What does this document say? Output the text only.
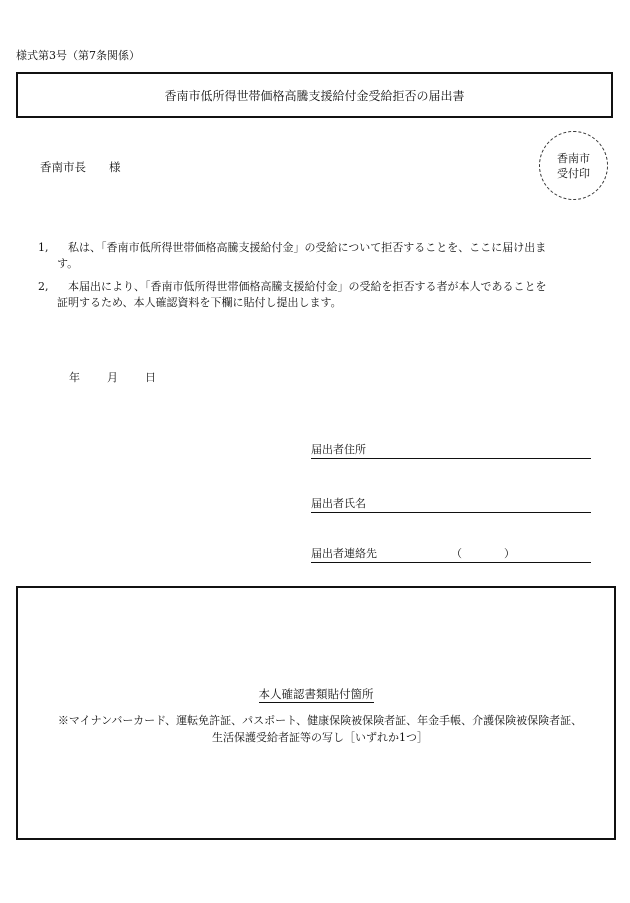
様式第3号（第7条関係）
香南市低所得世帯価格高騰支援給付金受給拒否の届出書
香南市長　　様
香南市
受付印
1, 私は、「香南市低所得世帯価格高騰支援給付金」の受給について拒否することを、ここに届け出ま
す。
2, 本届出により、「香南市低所得世帯価格高騰支援給付金」の受給を拒否する者が本人であることを
証明するため、本人確認資料を下欄に貼付し提出します。
年 月 日
届出者住所
届出者氏名
届出者連絡先	（	）
本人確認書類貼付箇所
※マイナンバーカード、運転免許証、パスポート、健康保険被保険者証、年金手帳、介護保険被保険者証、
生活保護受給者証等の写し［いずれか1つ］
